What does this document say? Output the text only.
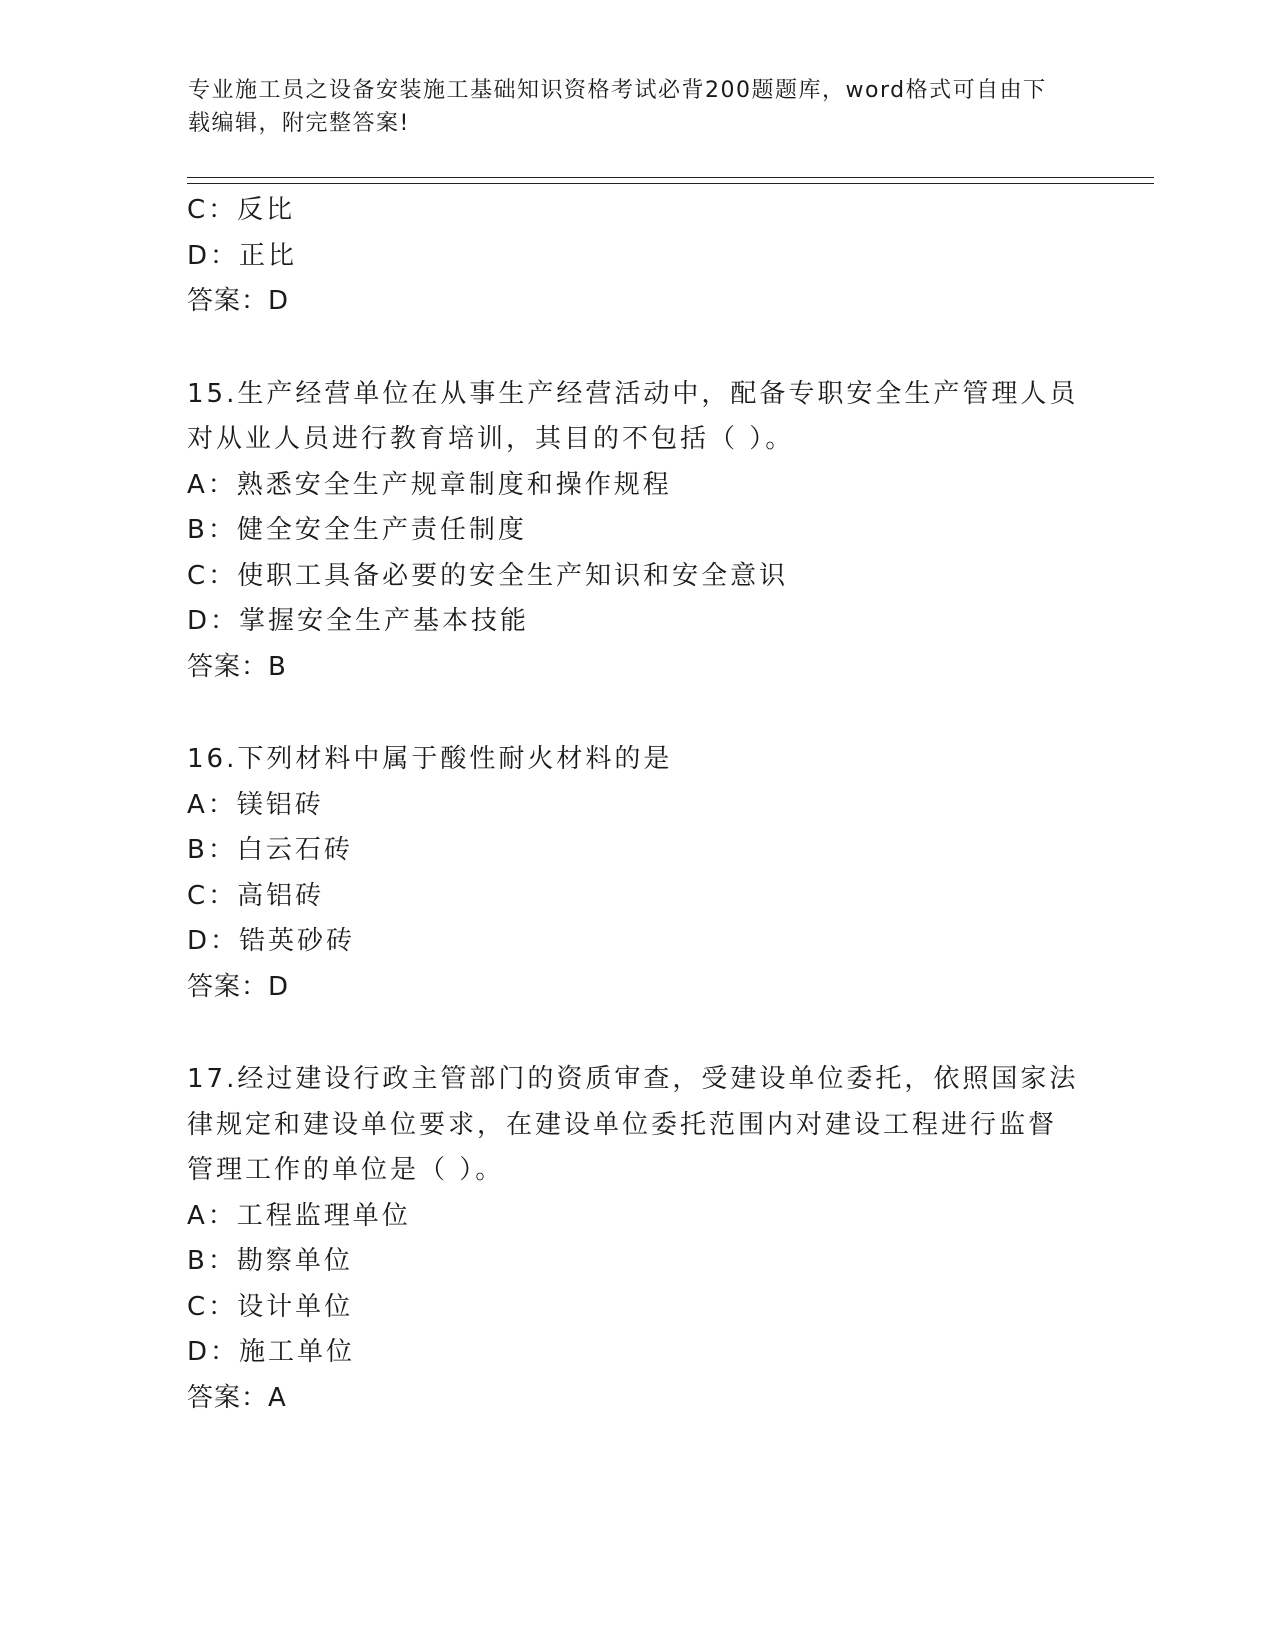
专业施工员之设备安装施工基础知识资格考试必背200题题库，word格式可自由下载编辑，附完整答案!
C：反比
D：正比
答案：D
15.生产经营单位在从事生产经营活动中，配备专职安全生产管理人员
对从业人员进行教育培训，其目的不包括（ ）。
A：熟悉安全生产规章制度和操作规程
B：健全安全生产责任制度
C：使职工具备必要的安全生产知识和安全意识
D：掌握安全生产基本技能
答案：B
16.下列材料中属于酸性耐火材料的是
A：镁铝砖
B：白云石砖
C：高铝砖
D：锆英砂砖
答案：D
17.经过建设行政主管部门的资质审查，受建设单位委托，依照国家法
律规定和建设单位要求，在建设单位委托范围内对建设工程进行监督
管理工作的单位是（ ）。
A：工程监理单位
B：勘察单位
C：设计单位
D：施工单位
答案：A
